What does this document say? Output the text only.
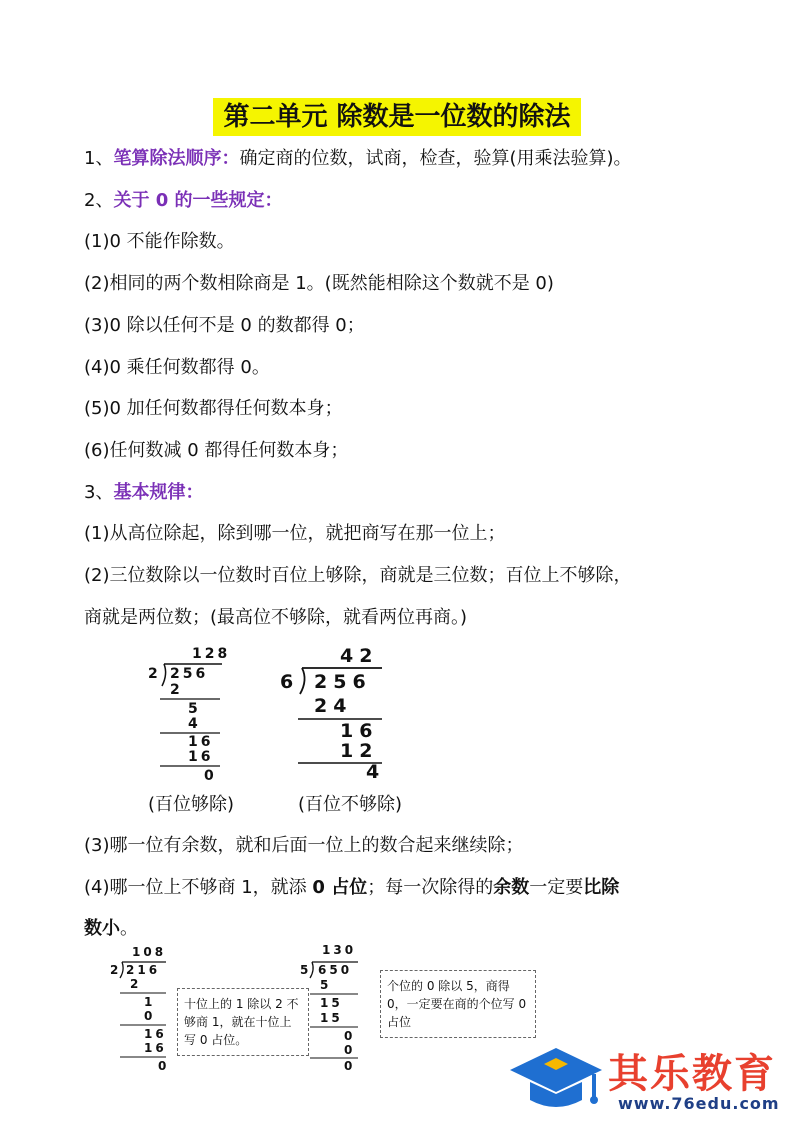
第二单元 除数是一位数的除法
1、笔算除法顺序：确定商的位数，试商，检查，验算(用乘法验算)。
2、关于 0 的一些规定：
(1)0 不能作除数。
(2)相同的两个数相除商是 1。(既然能相除这个数就不是 0)
(3)0 除以任何不是 0 的数都得 0；
(4)0 乘任何数都得 0。
(5)0 加任何数都得任何数本身；
(6)任何数减 0 都得任何数本身；
3、基本规律：
(1)从高位除起，除到哪一位，就把商写在那一位上；
(2)三位数除以一位数时百位上够除，商就是三位数；百位上不够除，
商就是两位数；(最高位不够除，就看两位再商。)
128
2 256
2
5
4
16
16
0
42
6 256
24
16
12
4
(百位够除)	(百位不够除)
(3)哪一位有余数，就和后面一位上的数合起来继续除；
(4)哪一位上不够商 1，就添 0 占位；每一次除得的余数一定要比除
数小。
108
2 216
2
1
0
16
16
0
十位上的 1 除以 2 不够商 1，就在十位上写 0 占位。
130
5 650
5
15
15
0
0
0
个位的 0 除以 5，商得 0，一定要在商的个位写 0 占位
其乐教育
www.76edu.com
